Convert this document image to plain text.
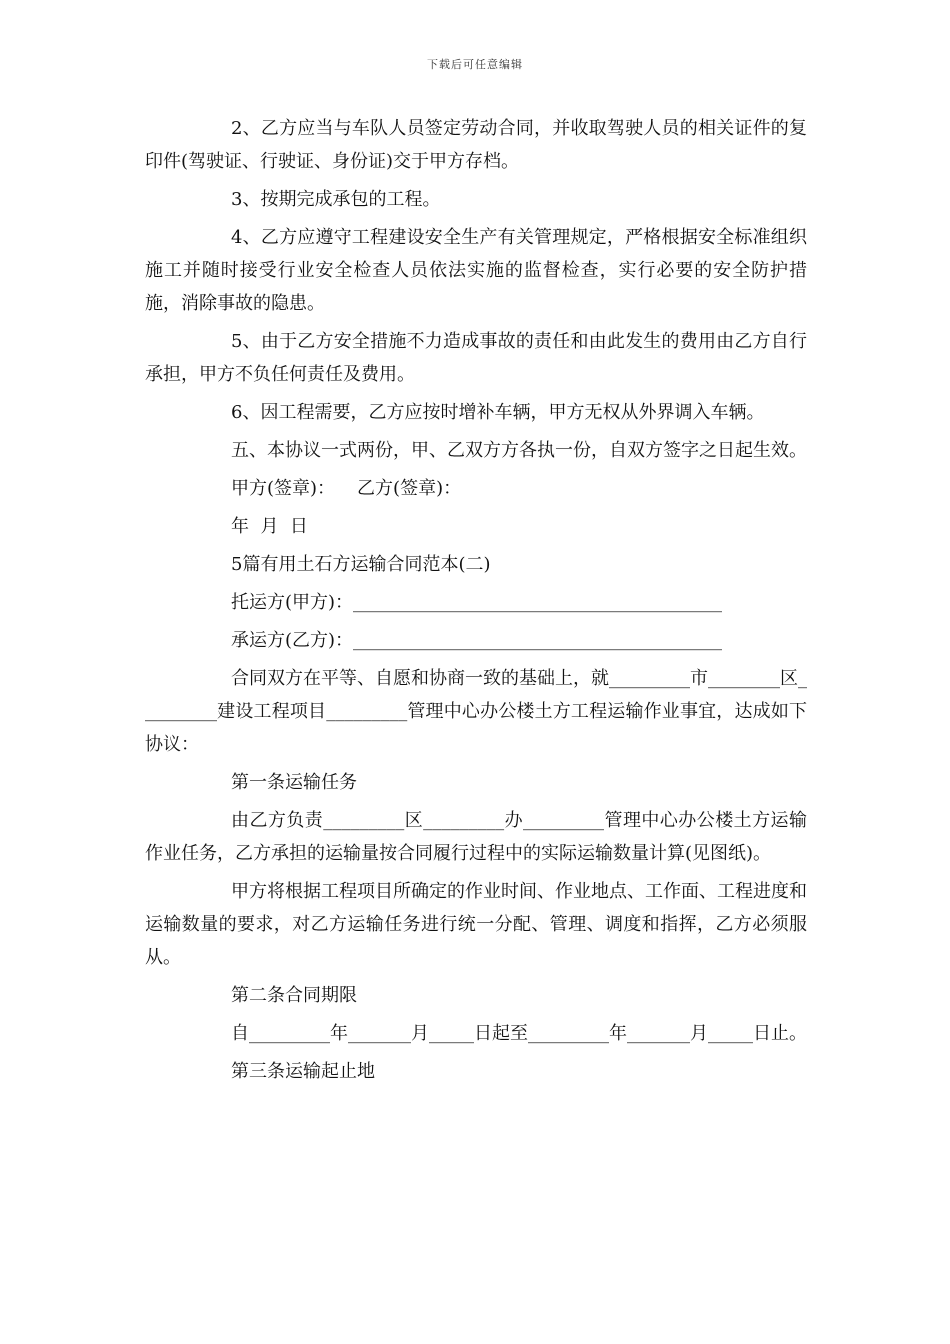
下载后可任意编辑

2、乙方应当与车队人员签定劳动合同，并收取驾驶人员的相关证件的复印件(驾驶证、行驶证、身份证)交于甲方存档。

3、按期完成承包的工程。

4、乙方应遵守工程建设安全生产有关管理规定，严格根据安全标准组织施工并随时接受行业安全检查人员依法实施的监督检查，实行必要的安全防护措施，消除事故的隐患。

5、由于乙方安全措施不力造成事故的责任和由此发生的费用由乙方自行承担，甲方不负任何责任及费用。

6、因工程需要，乙方应按时增补车辆，甲方无权从外界调入车辆。

五、本协议一式两份，甲、乙双方方各执一份，自双方签字之日起生效。

甲方(签章)： 乙方(签章)：

年  月  日

5篇有用土石方运输合同范本(二)

托运方(甲方)：_________________________________________

承运方(乙方)：_________________________________________

合同双方在平等、自愿和协商一致的基础上，就_________市________区_________建设工程项目_________管理中心办公楼土方工程运输作业事宜，达成如下协议：

第一条运输任务

由乙方负责_________区_________办_________管理中心办公楼土方运输作业任务，乙方承担的运输量按合同履行过程中的实际运输数量计算(见图纸)。

甲方将根据工程项目所确定的作业时间、作业地点、工作面、工程进度和运输数量的要求，对乙方运输任务进行统一分配、管理、调度和指挥，乙方必须服从。

第二条合同期限

自_________年_______月_____日起至_________年_______月_____日止。

第三条运输起止地
